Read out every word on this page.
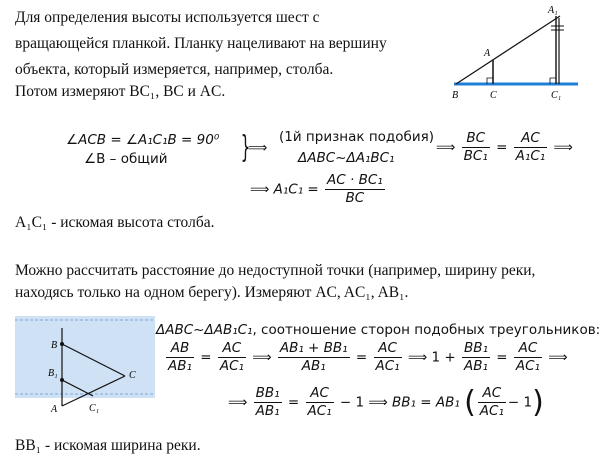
Для определения высоты используется шест с
вращающейся планкой. Планку нацеливают на вершину
объекта, который измеряется, например, столба.
Потом измеряют BC₁, BC и AC.
A₁
A
B	C	C₁
∠ACB = ∠A₁C₁B = 90⁰
∠B – общий }
⟹
(1й признак подобия)
ΔABC~ΔA₁BC₁
⟹ $\frac{BC}{\text{BC₁}} = \frac{AC}{\text{A₁C₁}}$ ⟹
⟹ $A_1C_1 = \frac{\text{AC · BC₁}}{BC}$
A₁C₁ - искомая высота столба.
Можно рассчитать расстояние до недоступной точки (например, ширину реки,
находясь только на одном берегу). Измеряют AC, AC₁, AB₁.
B
B₁	C
A	C₁
ΔABC~ΔAB₁C₁, соотношение сторон подобных треугольников:
$\frac{AB}{\text{AB₁}} = \frac{AC}{\text{AC₁}}$ ⟹ $\frac{\text{AB₁ + BB₁}}{\text{AB₁}} = \frac{AC}{\text{AC₁}}$ ⟹ $1 + \frac{\text{BB₁}}{\text{AB₁}} = \frac{AC}{\text{AC₁}}$ ⟹
⟹ $\frac{\text{BB₁}}{\text{AB₁}} = \frac{AC}{\text{AC₁}} - 1$ ⟹ BB₁ = AB₁ ( $\frac{AC}{\text{AC₁}} - 1$)
BB₁ - искомая ширина реки.
